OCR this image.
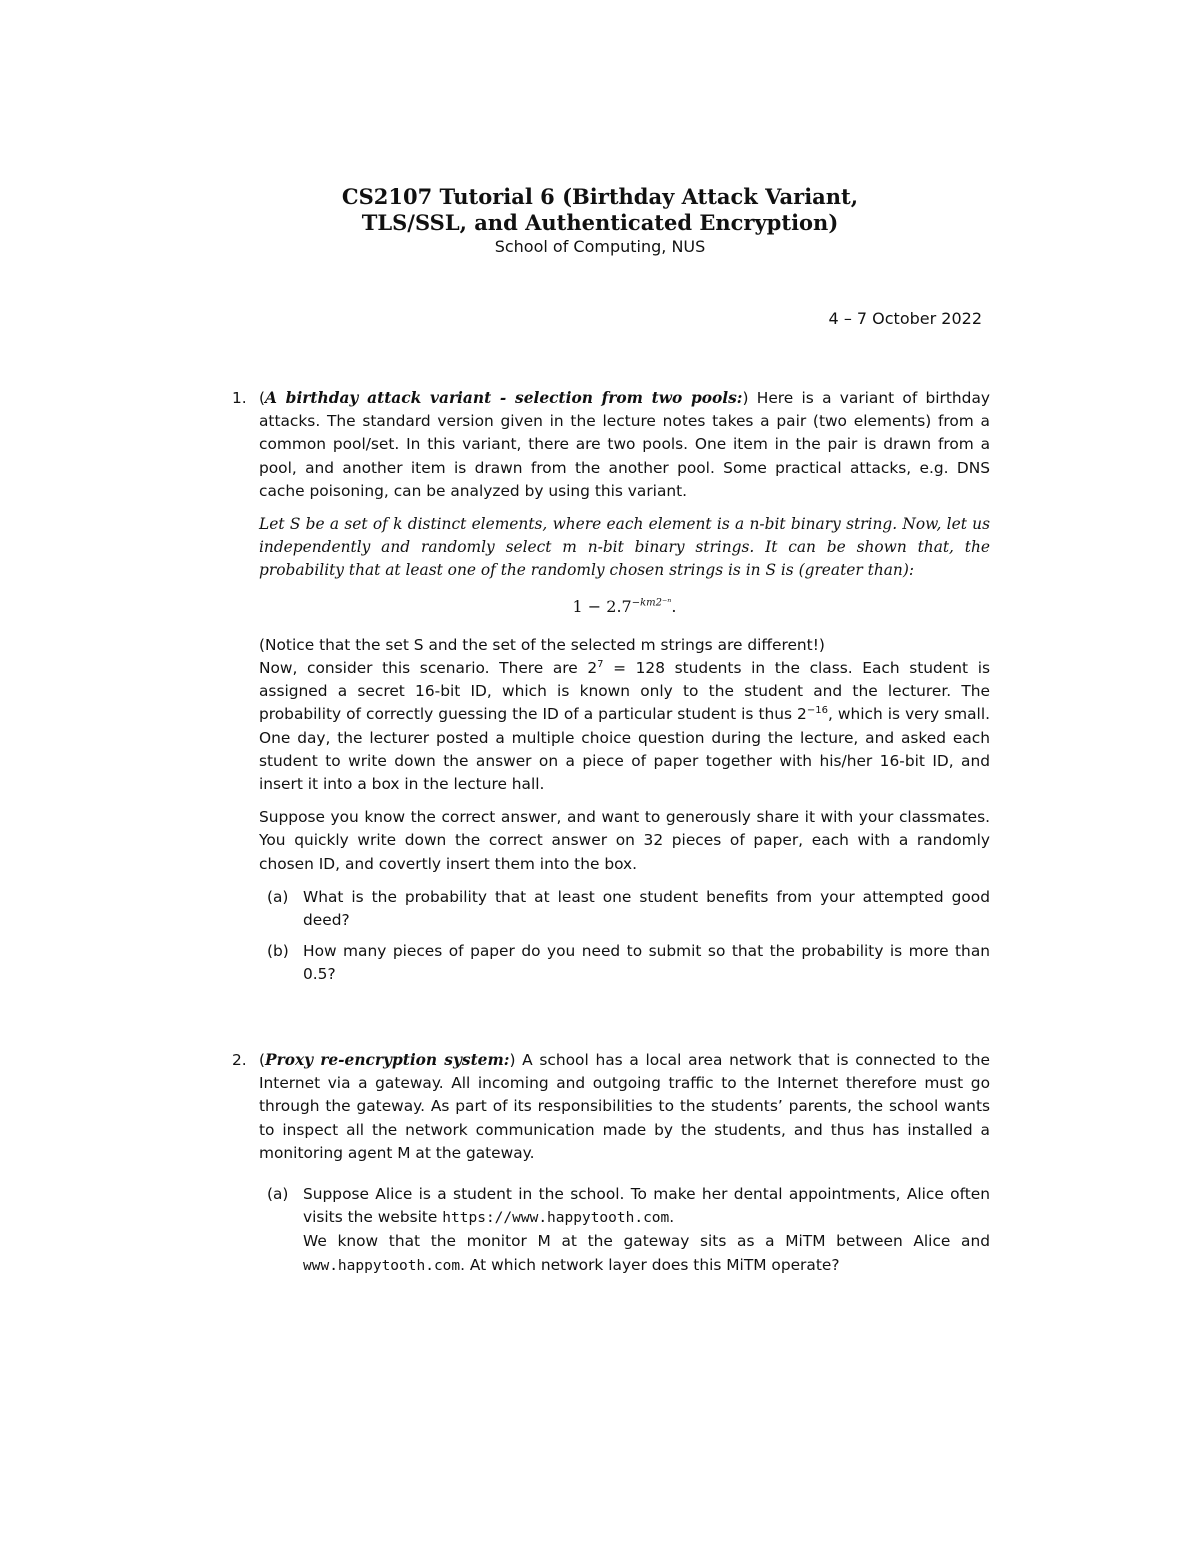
CS2107 Tutorial 6 (Birthday Attack Variant,
TLS/SSL, and Authenticated Encryption)
School of Computing, NUS
4 – 7 October 2022
1. (A birthday attack variant - selection from two pools:) Here is a variant of birthday attacks. The standard version given in the lecture notes takes a pair (two elements) from a common pool/set. In this variant, there are two pools. One item in the pair is drawn from a pool, and another item is drawn from the another pool. Some practical attacks, e.g. DNS cache poisoning, can be analyzed by using this variant.

Let S be a set of k distinct elements, where each element is a n-bit binary string. Now, let us independently and randomly select m n-bit binary strings. It can be shown that, the probability that at least one of the randomly chosen strings is in S is (greater than):

$1 - 2.7^{-km2^{-n}}$.
(Notice that the set S and the set of the selected m strings are different!)

Now, consider this scenario. There are $2^7 = 128$ students in the class. Each student is assigned a secret 16-bit ID, which is known only to the student and the lecturer. The probability of correctly guessing the ID of a particular student is thus $2^{-16}$, which is very small. One day, the lecturer posted a multiple choice question during the lecture, and asked each student to write down the answer on a piece of paper together with his/her 16-bit ID, and insert it into a box in the lecture hall.

Suppose you know the correct answer, and want to generously share it with your classmates. You quickly write down the correct answer on 32 pieces of paper, each with a randomly chosen ID, and covertly insert them into the box.

(a) What is the probability that at least one student benefits from your attempted good deed?
(b) How many pieces of paper do you need to submit so that the probability is more than 0.5?
2. (Proxy re-encryption system:) A school has a local area network that is connected to the Internet via a gateway. All incoming and outgoing traffic to the Internet therefore must go through the gateway. As part of its responsibilities to the students’ parents, the school wants to inspect all the network communication made by the students, and thus has installed a monitoring agent M at the gateway.

(a) Suppose Alice is a student in the school. To make her dental appointments, Alice often visits the website https://www.happytooth.com.
We know that the monitor M at the gateway sits as a MiTM between Alice and www.happytooth.com. At which network layer does this MiTM operate?
